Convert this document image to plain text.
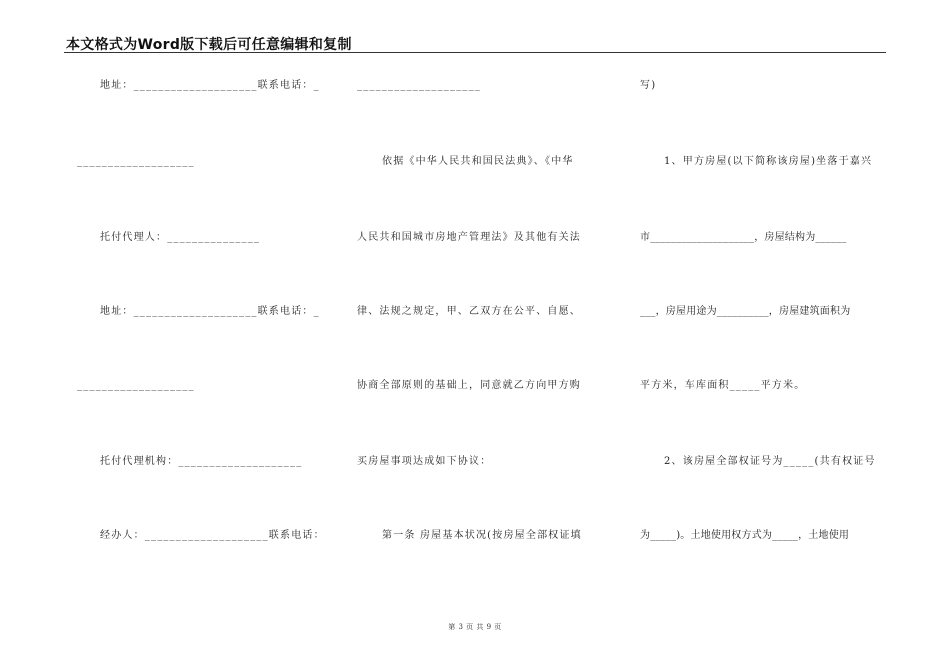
本文格式为Word版下载后可任意编辑和复制
地址：____________________联系电话：_
___________________
托付代理人：_______________
地址：____________________联系电话：_
___________________
托付代理机构：____________________
经办人：____________________联系电话：
____________________
依据《中华人民共和国民法典》、《中华
人民共和国城市房地产管理法》及其他有关法
律、法规之规定，甲、乙双方在公平、自愿、
协商全部原则的基础上，同意就乙方向甲方购
买房屋事项达成如下协议：
第一条 房屋基本状况(按房屋全部权证填
写)
1、甲方房屋(以下简称该房屋)坐落于嘉兴
市____________________，房屋结构为______
___，房屋用途为__________，房屋建筑面积为
平方米，车库面积_____平方米。
2、该房屋全部权证号为_____(共有权证号
为_____)。土地使用权方式为_____，土地使用
第 3 页 共 9 页
